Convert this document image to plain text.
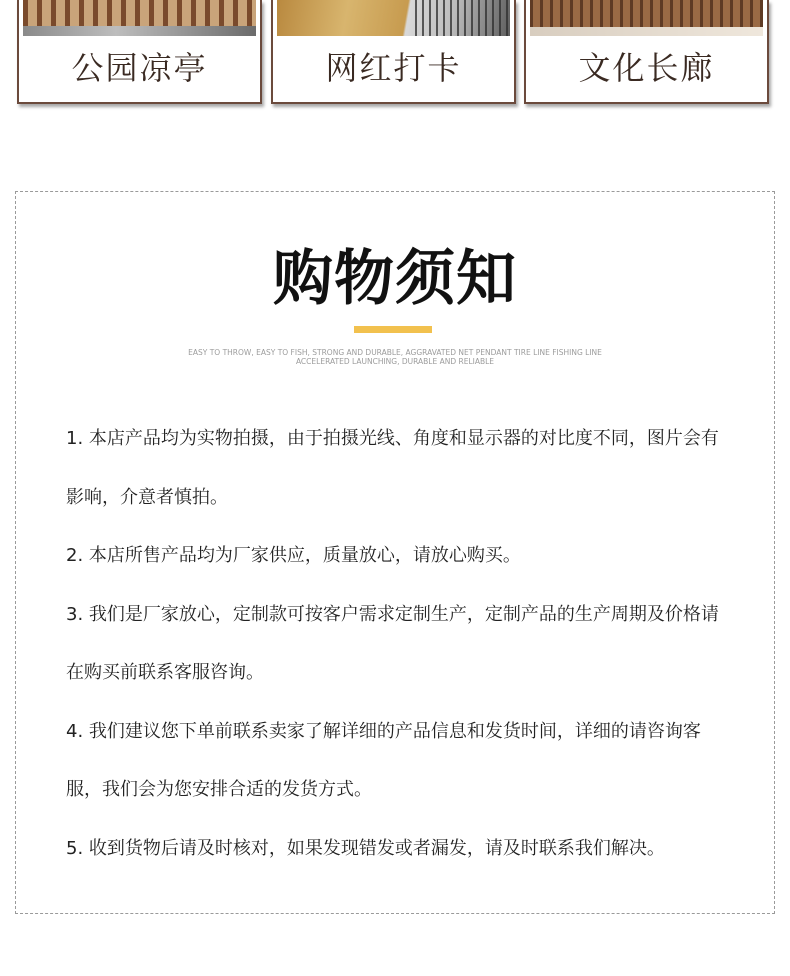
公园凉亭	网红打卡	文化长廊
购物须知
EASY TO THROW, EASY TO FISH, STRONG AND DURABLE, AGGRAVATED NET PENDANT TIRE LINE FISHING LINE
ACCELERATED LAUNCHING, DURABLE AND RELIABLE
1. 本店产品均为实物拍摄，由于拍摄光线、角度和显示器的对比度不同，图片会有影响，介意者慎拍。
2. 本店所售产品均为厂家供应，质量放心，请放心购买。
3. 我们是厂家放心，定制款可按客户需求定制生产，定制产品的生产周期及价格请在购买前联系客服咨询。
4. 我们建议您下单前联系卖家了解详细的产品信息和发货时间，详细的请咨询客服，我们会为您安排合适的发货方式。
5. 收到货物后请及时核对，如果发现错发或者漏发，请及时联系我们解决。
